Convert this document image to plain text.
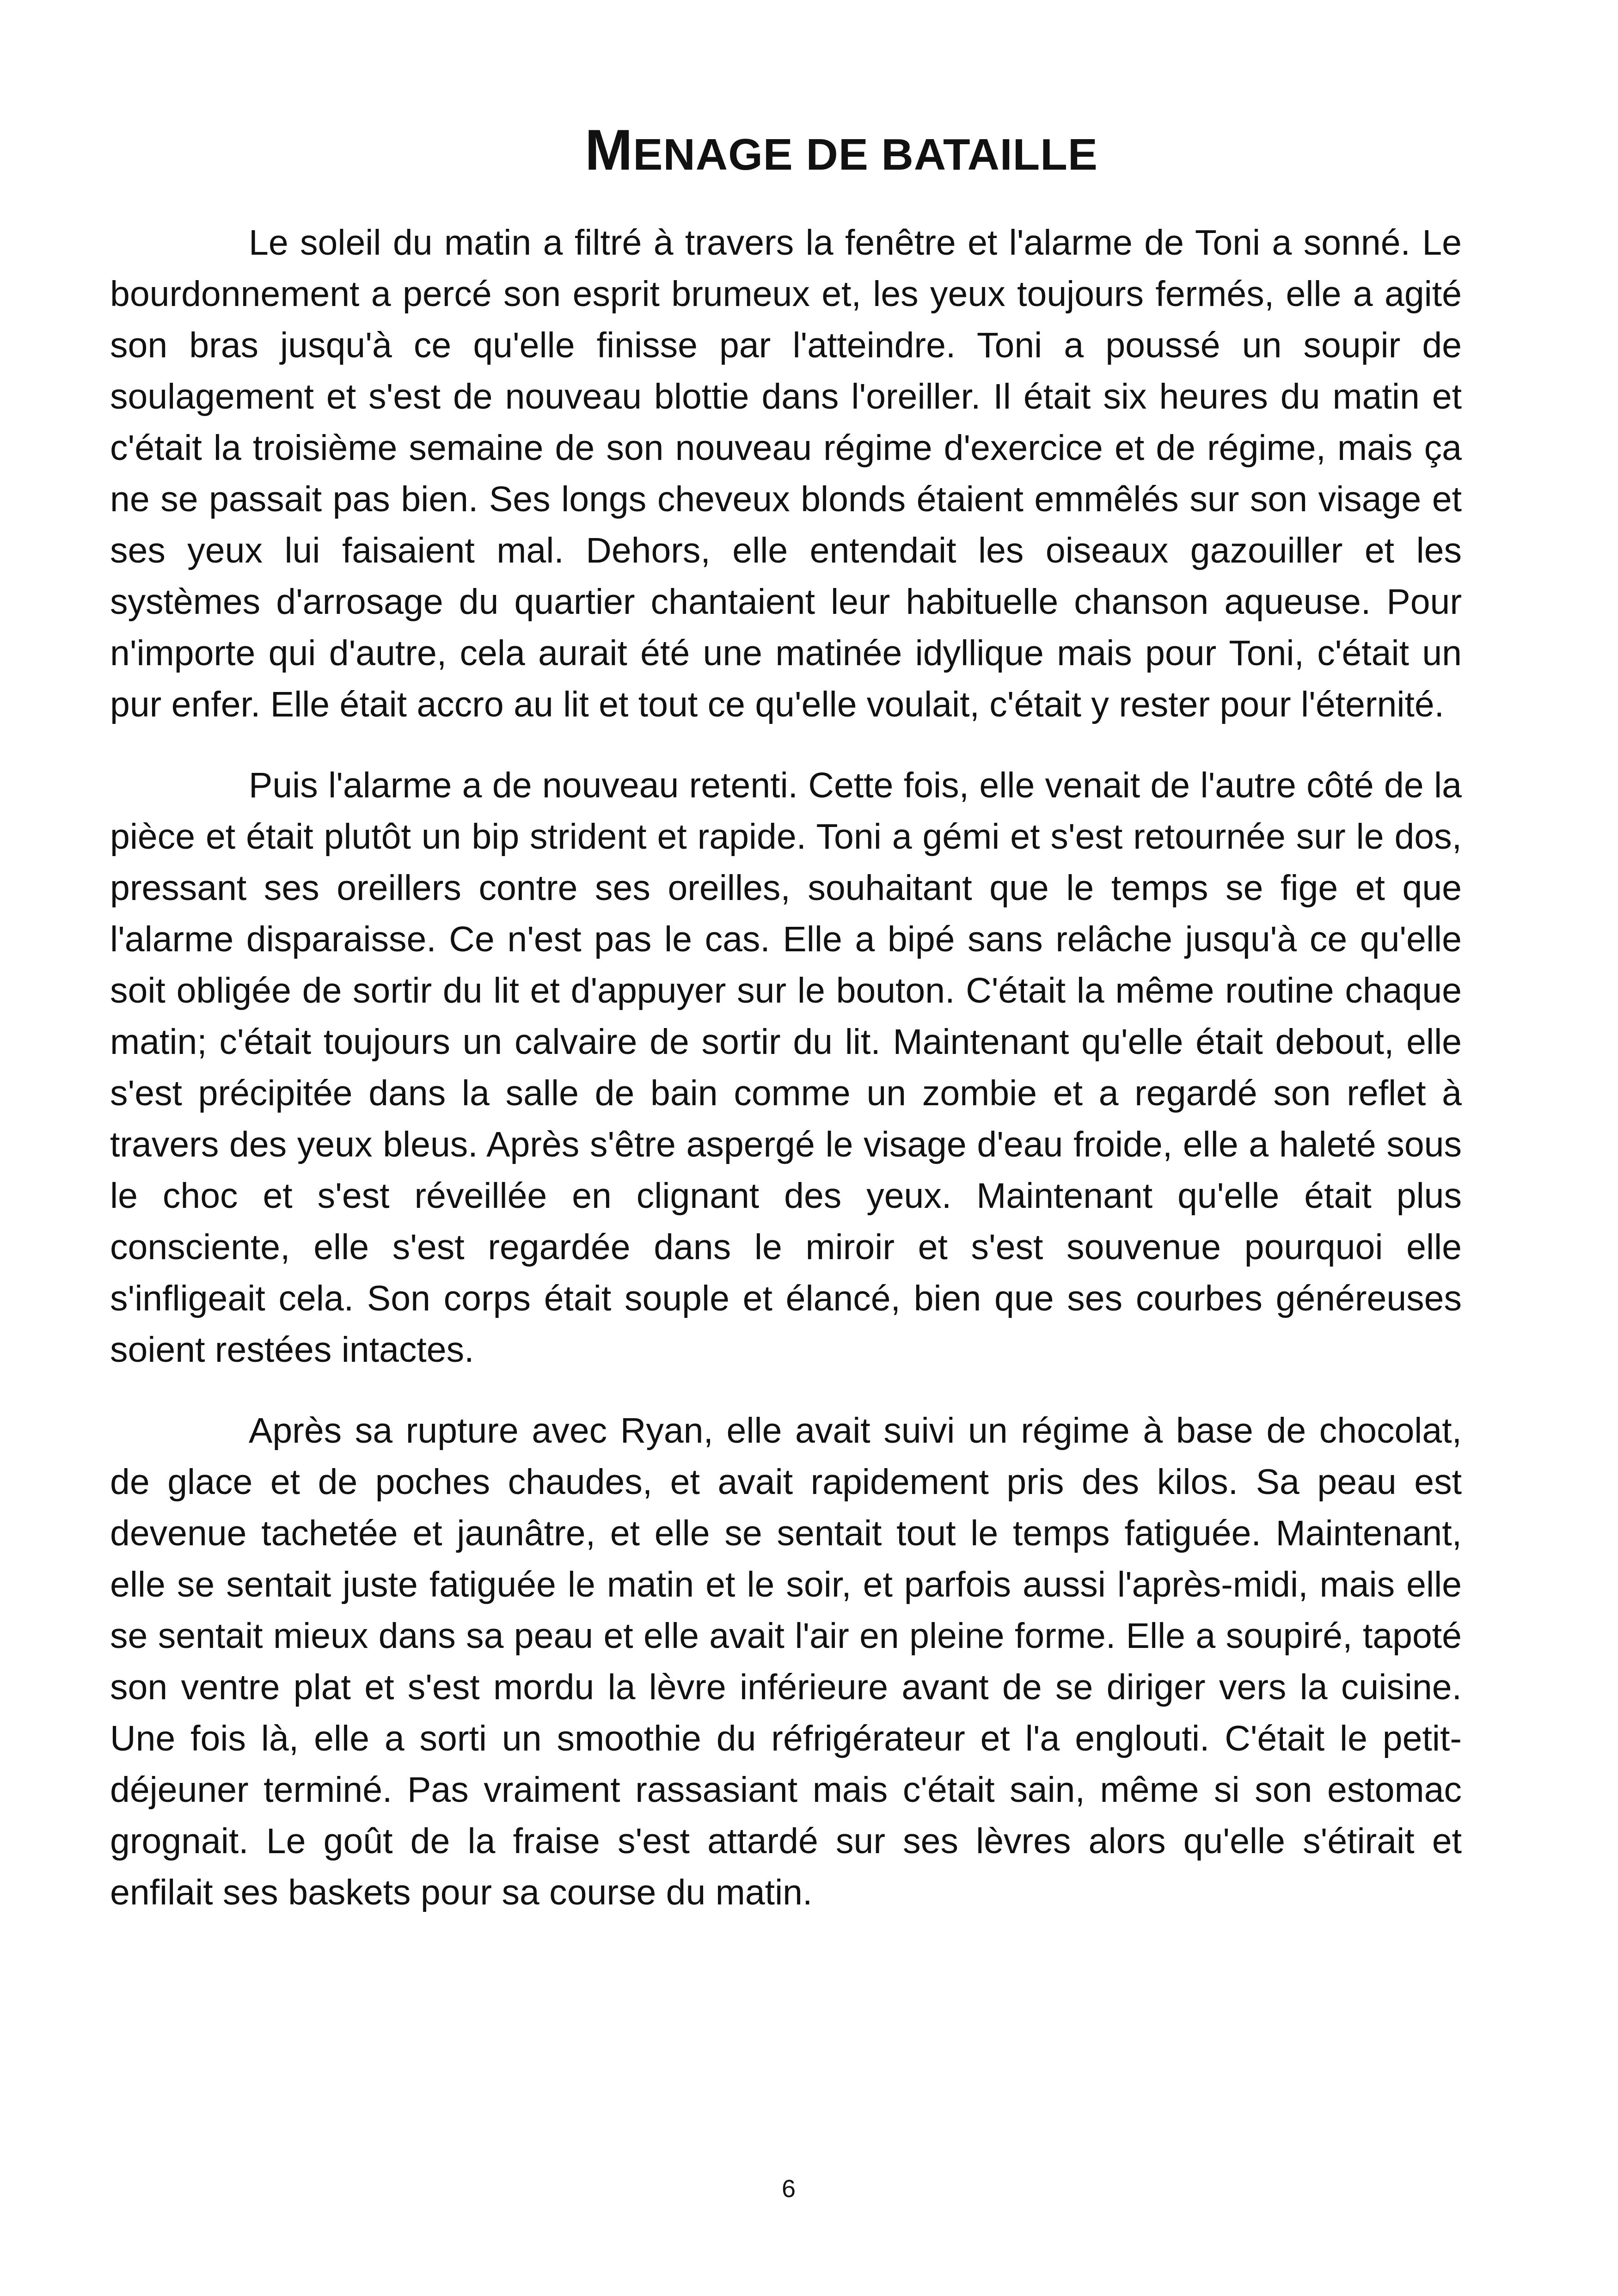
MENAGE DE BATAILLE

Le soleil du matin a filtré à travers la fenêtre et l'alarme de Toni a sonné. Le bourdonnement a percé son esprit brumeux et, les yeux toujours fermés, elle a agité son bras jusqu'à ce qu'elle finisse par l'atteindre. Toni a poussé un soupir de soulagement et s'est de nouveau blottie dans l'oreiller. Il était six heures du matin et c'était la troisième semaine de son nouveau régime d'exercice et de régime, mais ça ne se passait pas bien. Ses longs cheveux blonds étaient emmêlés sur son visage et ses yeux lui faisaient mal. Dehors, elle entendait les oiseaux gazouiller et les systèmes d'arrosage du quartier chantaient leur habituelle chanson aqueuse. Pour n'importe qui d'autre, cela aurait été une matinée idyllique mais pour Toni, c'était un pur enfer. Elle était accro au lit et tout ce qu'elle voulait, c'était y rester pour l'éternité.

Puis l'alarme a de nouveau retenti. Cette fois, elle venait de l'autre côté de la pièce et était plutôt un bip strident et rapide. Toni a gémi et s'est retournée sur le dos, pressant ses oreillers contre ses oreilles, souhaitant que le temps se fige et que l'alarme disparaisse. Ce n'est pas le cas. Elle a bipé sans relâche jusqu'à ce qu'elle soit obligée de sortir du lit et d'appuyer sur le bouton. C'était la même routine chaque matin; c'était toujours un calvaire de sortir du lit. Maintenant qu'elle était debout, elle s'est précipitée dans la salle de bain comme un zombie et a regardé son reflet à travers des yeux bleus. Après s'être aspergé le visage d'eau froide, elle a haleté sous le choc et s'est réveillée en clignant des yeux. Maintenant qu'elle était plus consciente, elle s'est regardée dans le miroir et s'est souvenue pourquoi elle s'infligeait cela. Son corps était souple et élancé, bien que ses courbes généreuses soient restées intactes.

Après sa rupture avec Ryan, elle avait suivi un régime à base de chocolat, de glace et de poches chaudes, et avait rapidement pris des kilos. Sa peau est devenue tachetée et jaunâtre, et elle se sentait tout le temps fatiguée. Maintenant, elle se sentait juste fatiguée le matin et le soir, et parfois aussi l'après-midi, mais elle se sentait mieux dans sa peau et elle avait l'air en pleine forme. Elle a soupiré, tapoté son ventre plat et s'est mordu la lèvre inférieure avant de se diriger vers la cuisine. Une fois là, elle a sorti un smoothie du réfrigérateur et l'a englouti. C'était le petit-déjeuner terminé. Pas vraiment rassasiant mais c'était sain, même si son estomac grognait. Le goût de la fraise s'est attardé sur ses lèvres alors qu'elle s'étirait et enfilait ses baskets pour sa course du matin.

6
